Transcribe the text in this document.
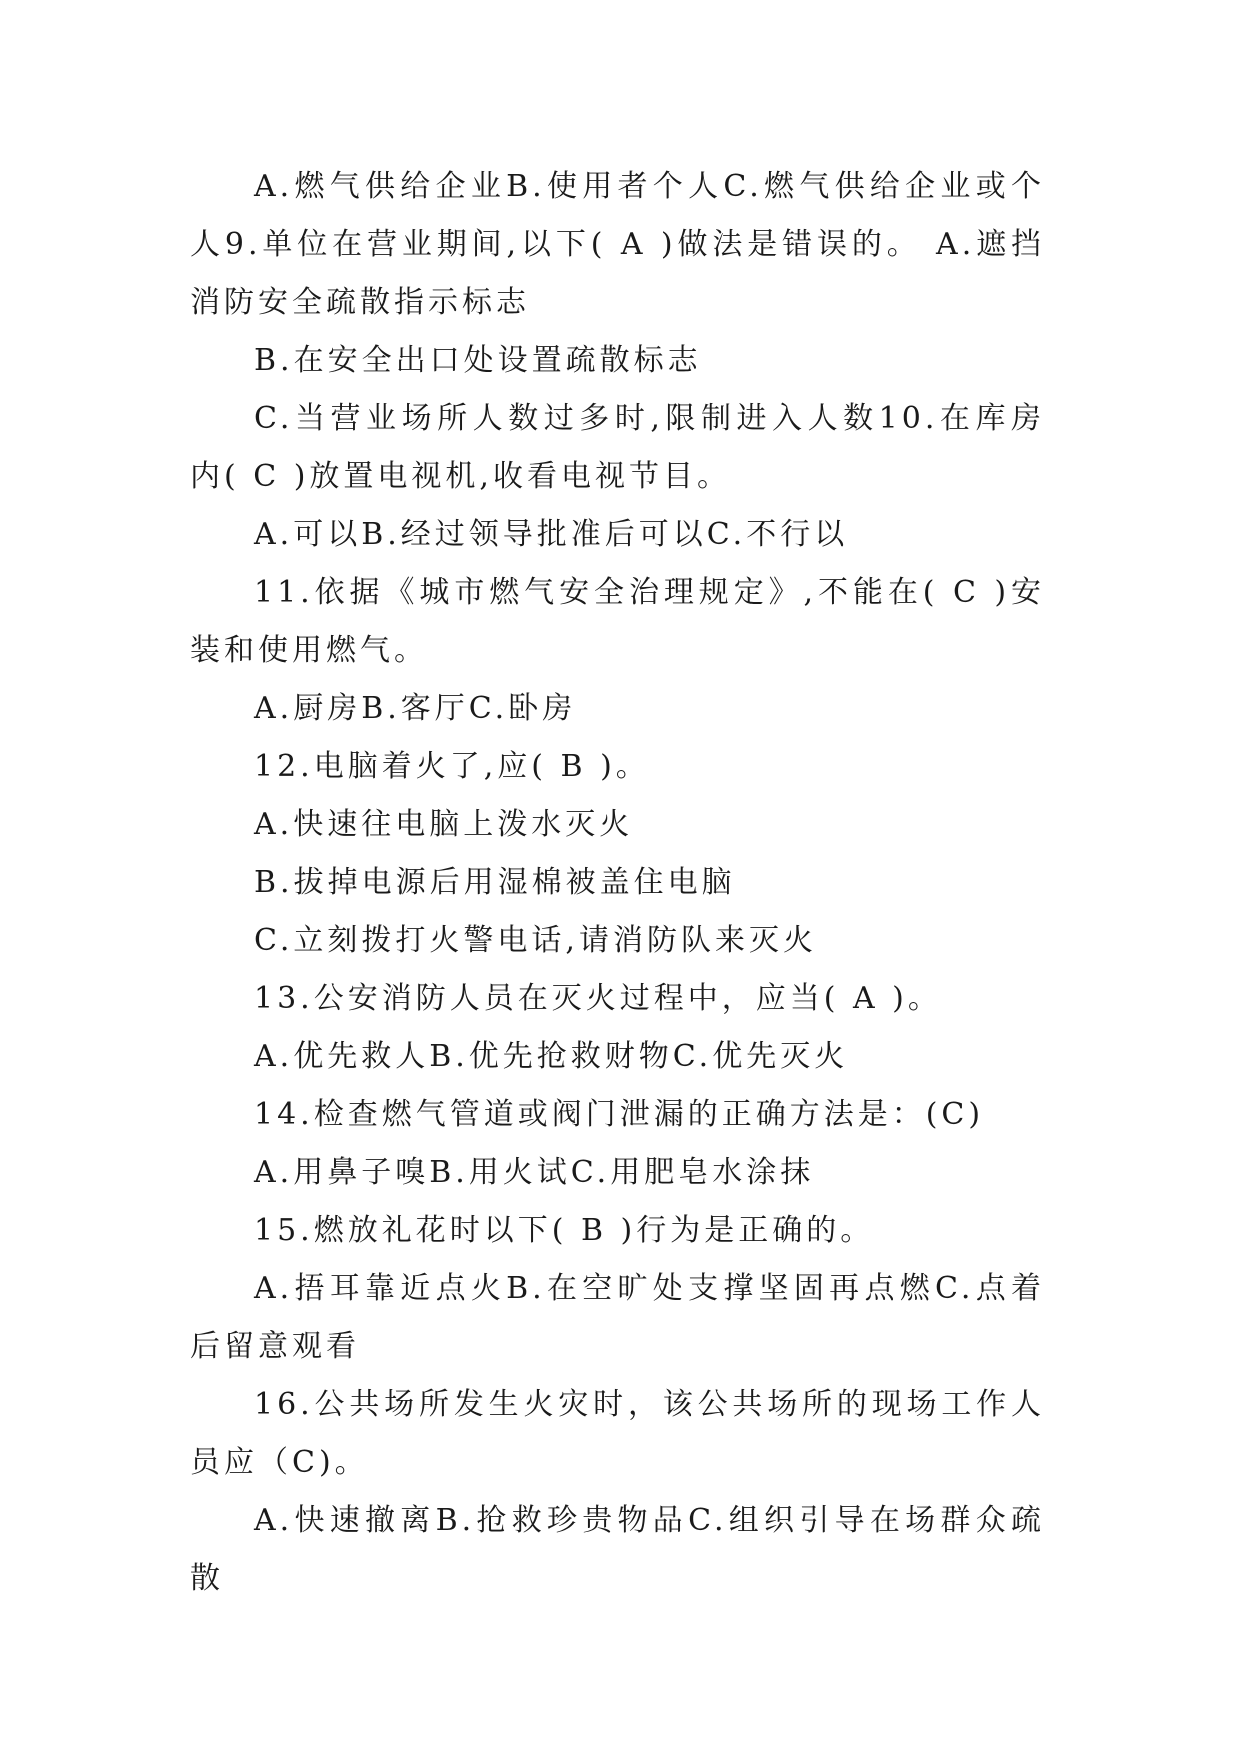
A.燃气供给企业B.使用者个人C.燃气供给企业或个人9.单位在营业期间,以下( A )做法是错误的。 A.遮挡消防安全疏散指示标志

B.在安全出口处设置疏散标志

C.当营业场所人数过多时,限制进入人数10.在库房内( C )放置电视机,收看电视节目。

A.可以B.经过领导批准后可以C.不行以

11.依据《城市燃气安全治理规定》,不能在( C )安装和使用燃气。

A.厨房B.客厅C.卧房

12.电脑着火了,应( B )。

A.快速往电脑上泼水灭火

B.拔掉电源后用湿棉被盖住电脑

C.立刻拨打火警电话,请消防队来灭火

13.公安消防人员在灭火过程中，应当( A )。

A.优先救人B.优先抢救财物C.优先灭火

14.检查燃气管道或阀门泄漏的正确方法是：(C)

A.用鼻子嗅B.用火试C.用肥皂水涂抹

15.燃放礼花时以下( B )行为是正确的。

A.捂耳靠近点火B.在空旷处支撑坚固再点燃C.点着后留意观看

16.公共场所发生火灾时，该公共场所的现场工作人员应（C)。

A.快速撤离B.抢救珍贵物品C.组织引导在场群众疏散
